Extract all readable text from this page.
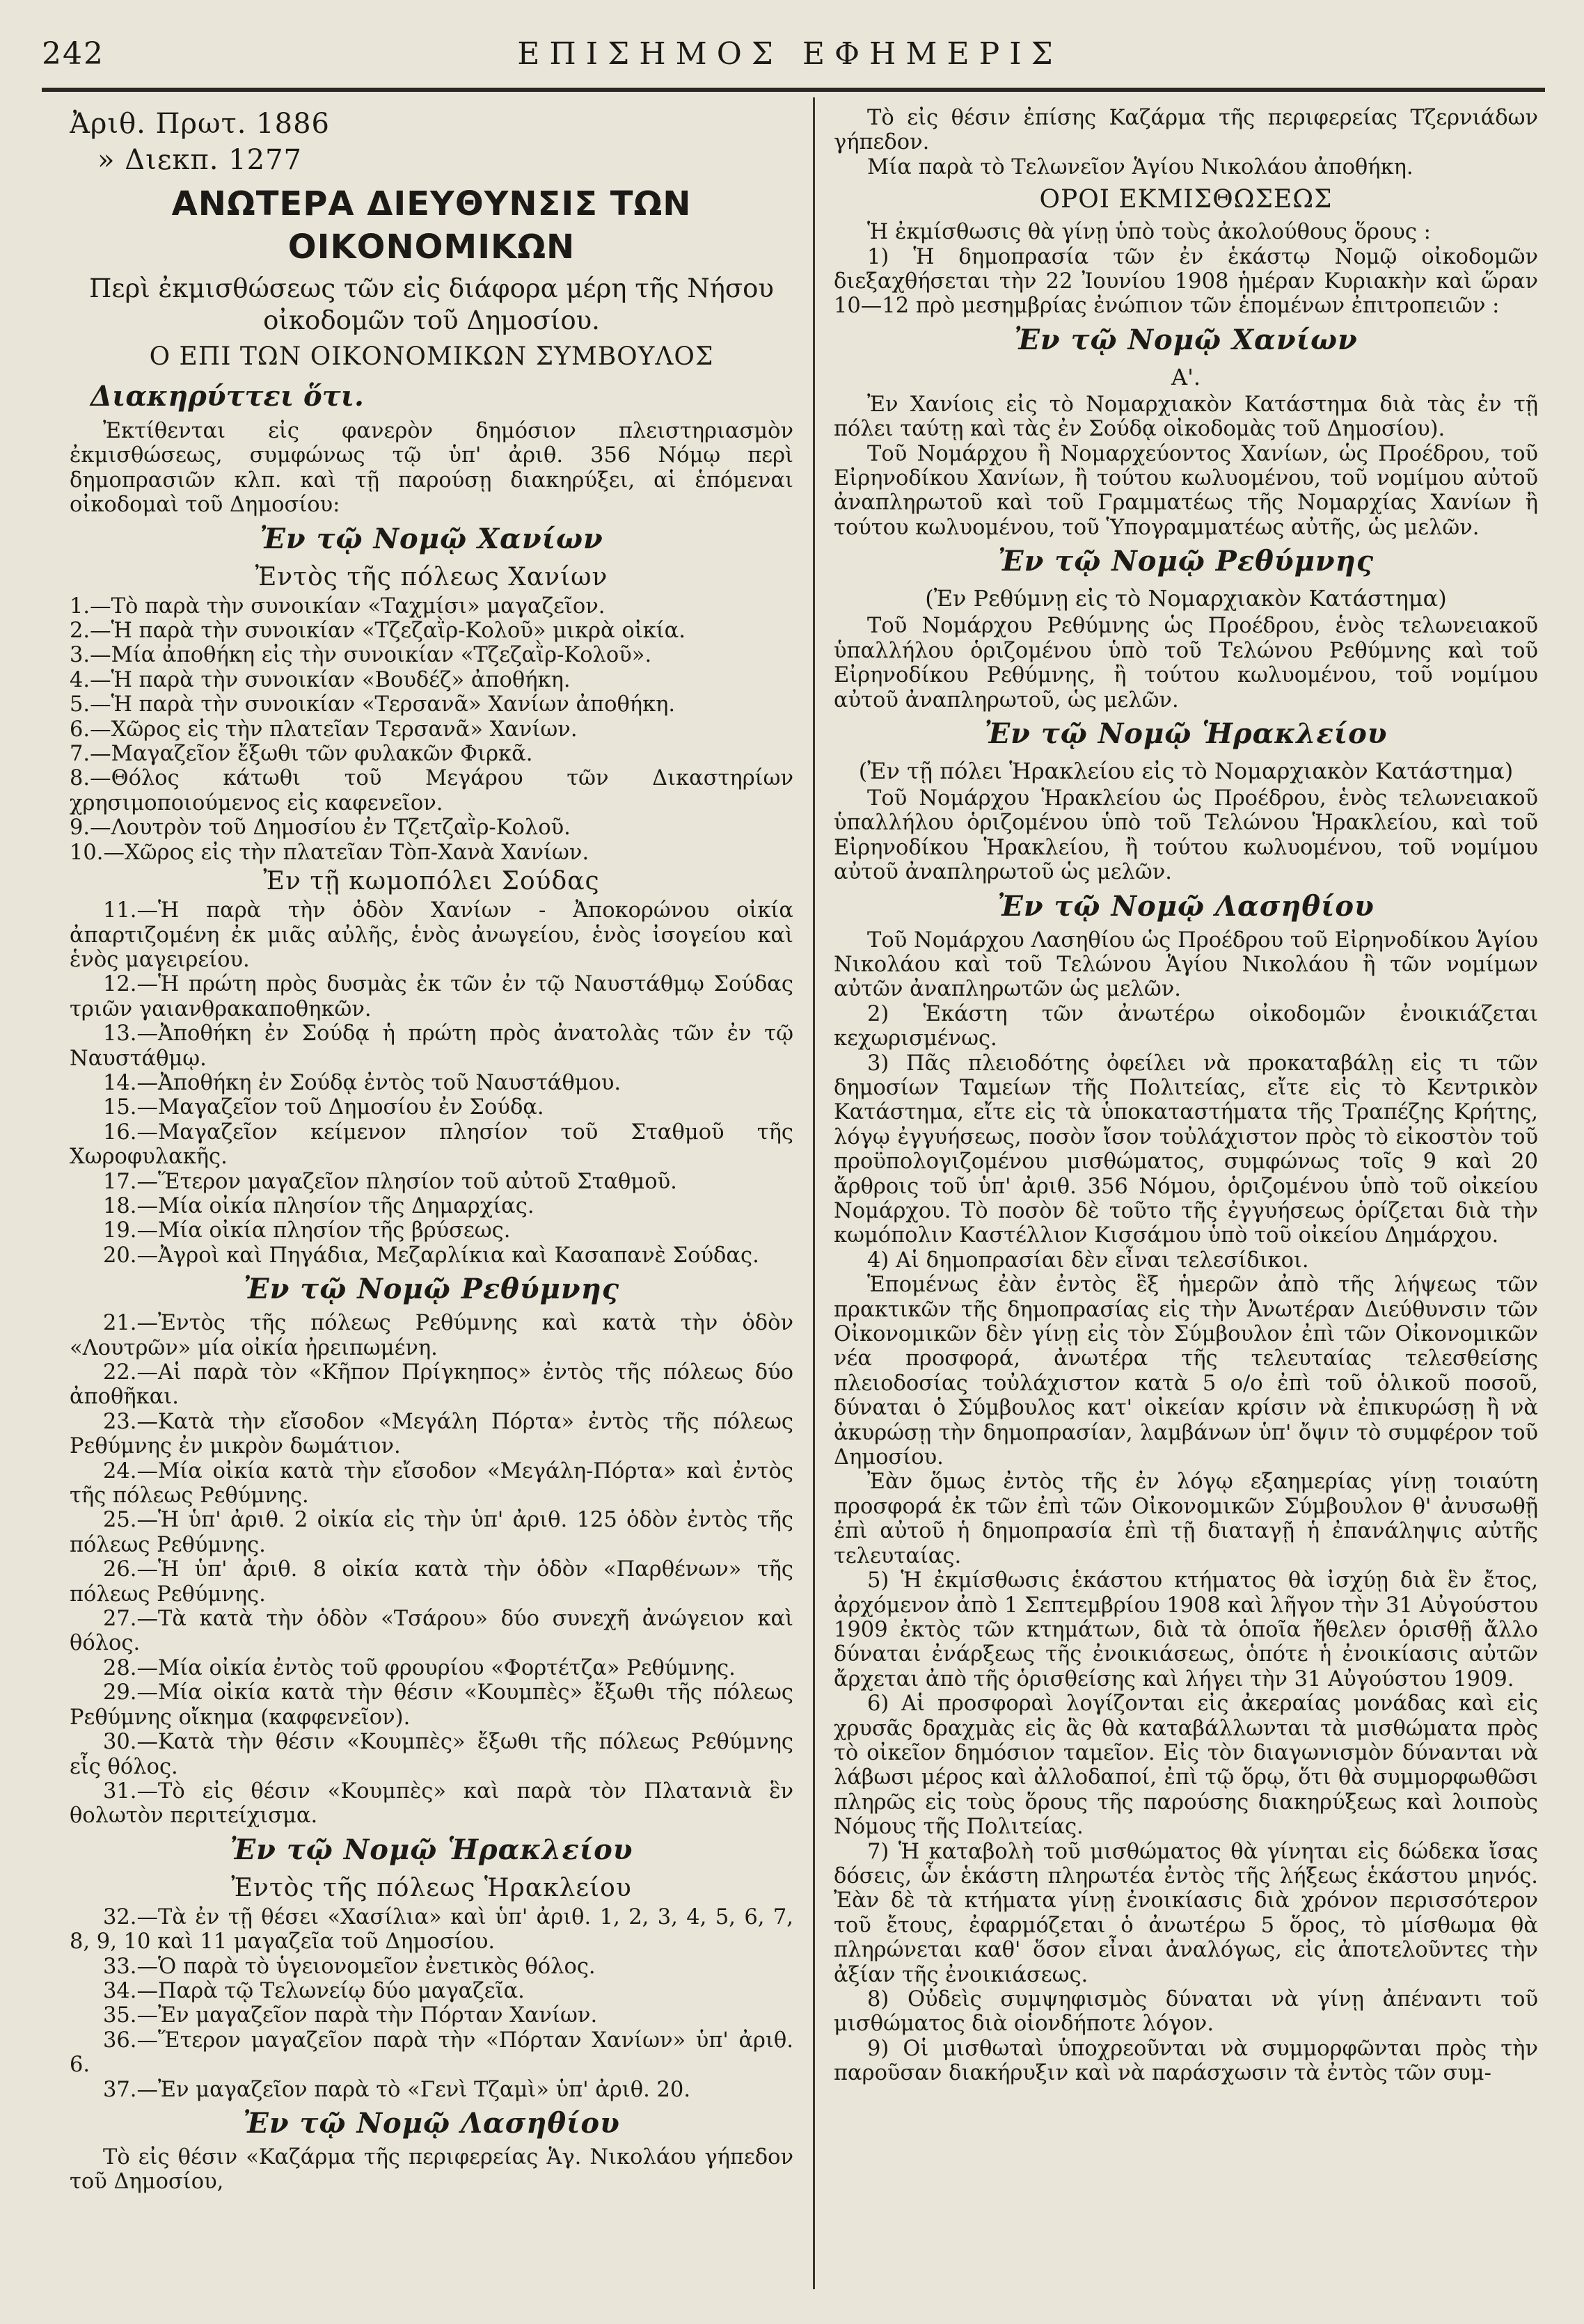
242	ΕΠΙΣΗΜΟΣ ΕΦΗΜΕΡΙΣ

Ἀριθ. Πρωτ. 1886

» Διεκπ. 1277

ΑΝΩΤΕΡΑ ΔΙΕΥΘΥΝΣΙΣ ΤΩΝ ΟΙΚΟΝΟΜΙΚΩΝ

Περὶ ἐκμισθώσεως τῶν εἰς διάφορα μέρη τῆς Νήσου οἰκοδομῶν τοῦ Δημοσίου.

Ο ΕΠΙ ΤΩΝ ΟΙΚΟΝΟΜΙΚΩΝ ΣΥΜΒΟΥΛΟΣ

Διακηρύττει ὅτι.

Ἐκτίθενται εἰς φανερὸν δημόσιον πλειστηριασμὸν ἐκμισθώσεως, συμφώνως τῷ ὑπ' ἀριθ. 356 Νόμῳ περὶ δημοπρασιῶν κλπ. καὶ τῇ παρούσῃ διακηρύξει, αἱ ἑπόμεναι οἰκοδομαὶ τοῦ Δημοσίου:

Ἐν τῷ Νομῷ Χανίων

Ἐντὸς τῆς πόλεως Χανίων

1.—Τὸ παρὰ τὴν συνοικίαν «Ταχμίσι» μαγαζεῖον.

2.—Ἡ παρὰ τὴν συνοικίαν «Τζεζαῒρ-Κολοῦ» μικρὰ οἰκία.

3.—Μία ἀποθήκη εἰς τὴν συνοικίαν «Τζεζαῒρ-Κολοῦ».

4.—Ἡ παρὰ τὴν συνοικίαν «Βουδέζ» ἀποθήκη.

5.—Ἡ παρὰ τὴν συνοικίαν «Τερσανᾶ» Χανίων ἀποθήκη.

6.—Χῶρος εἰς τὴν πλατεῖαν Τερσανᾶ» Χανίων.

7.—Μαγαζεῖον ἔξωθι τῶν φυλακῶν Φιρκᾶ.

8.—Θόλος κάτωθι τοῦ Μεγάρου τῶν Δικαστηρίων χρησιμοποιούμενος εἰς καφενεῖον.

9.—Λουτρὸν τοῦ Δημοσίου ἐν Τζετζαῒρ-Κολοῦ.

10.—Χῶρος εἰς τὴν πλατεῖαν Τὸπ-Χανὰ Χανίων.

Ἐν τῇ κωμοπόλει Σούδας

11.—Ἡ παρὰ τὴν ὁδὸν Χανίων - Ἀποκορώνου οἰκία ἀπαρτιζομένη ἐκ μιᾶς αὐλῆς, ἑνὸς ἀνωγείου, ἑνὸς ἰσογείου καὶ ἑνὸς μαγειρείου.

12.—Ἡ πρώτη πρὸς δυσμὰς ἐκ τῶν ἐν τῷ Ναυστάθμῳ Σούδας τριῶν γαιανθρακαποθηκῶν.

13.—Ἀποθήκη ἐν Σούδᾳ ἡ πρώτη πρὸς ἀνατολὰς τῶν ἐν τῷ Ναυστάθμῳ.

14.—Ἀποθήκη ἐν Σούδᾳ ἐντὸς τοῦ Ναυστάθμου.

15.—Μαγαζεῖον τοῦ Δημοσίου ἐν Σούδᾳ.

16.—Μαγαζεῖον κείμενον πλησίον τοῦ Σταθμοῦ τῆς Χωροφυλακῆς.

17.—Ἕτερον μαγαζεῖον πλησίον τοῦ αὐτοῦ Σταθμοῦ.

18.—Μία οἰκία πλησίον τῆς Δημαρχίας.

19.—Μία οἰκία πλησίον τῆς βρύσεως.

20.—Ἀγροὶ καὶ Πηγάδια, Μεζαρλίκια καὶ Κασαπανὲ Σούδας.

Ἐν τῷ Νομῷ Ρεθύμνης

21.—Ἐντὸς τῆς πόλεως Ρεθύμνης καὶ κατὰ τὴν ὁδὸν «Λουτρῶν» μία οἰκία ἠρειπωμένη.

22.—Αἱ παρὰ τὸν «Κῆπον Πρίγκηπος» ἐντὸς τῆς πόλεως δύο ἀποθῆκαι.

23.—Κατὰ τὴν εἴσοδον «Μεγάλη Πόρτα» ἐντὸς τῆς πόλεως Ρεθύμνης ἐν μικρὸν δωμάτιον.

24.—Μία οἰκία κατὰ τὴν εἴσοδον «Μεγάλη-Πόρτα» καὶ ἐντὸς τῆς πόλεως Ρεθύμνης.

25.—Ἡ ὑπ' ἀριθ. 2 οἰκία εἰς τὴν ὑπ' ἀριθ. 125 ὁδὸν ἐντὸς τῆς πόλεως Ρεθύμνης.

26.—Ἡ ὑπ' ἀριθ. 8 οἰκία κατὰ τὴν ὁδὸν «Παρθένων» τῆς πόλεως Ρεθύμνης.

27.—Τὰ κατὰ τὴν ὁδὸν «Τσάρου» δύο συνεχῆ ἀνώγειον καὶ θόλος.

28.—Μία οἰκία ἐντὸς τοῦ φρουρίου «Φορτέτζα» Ρεθύμνης.

29.—Μία οἰκία κατὰ τὴν θέσιν «Κουμπὲς» ἔξωθι τῆς πόλεως Ρεθύμνης οἴκημα (καφφενεῖον).

30.—Κατὰ τὴν θέσιν «Κουμπὲς» ἔξωθι τῆς πόλεως Ρεθύμνης εἷς θόλος.

31.—Τὸ εἰς θέσιν «Κουμπὲς» καὶ παρὰ τὸν Πλατανιὰ ἓν θολωτὸν περιτείχισμα.

Ἐν τῷ Νομῷ Ἡρακλείου

Ἐντὸς τῆς πόλεως Ἡρακλείου

32.—Τὰ ἐν τῇ θέσει «Χασίλια» καὶ ὑπ' ἀριθ. 1, 2, 3, 4, 5, 6, 7, 8, 9, 10 καὶ 11 μαγαζεῖα τοῦ Δημοσίου.

33.—Ὁ παρὰ τὸ ὑγειονομεῖον ἐνετικὸς θόλος.

34.—Παρὰ τῷ Τελωνείῳ δύο μαγαζεῖα.

35.—Ἐν μαγαζεῖον παρὰ τὴν Πόρταν Χανίων.

36.—Ἕτερον μαγαζεῖον παρὰ τὴν «Πόρταν Χανίων» ὑπ' ἀριθ. 6.

37.—Ἐν μαγαζεῖον παρὰ τὸ «Γενὶ Τζαμὶ» ὑπ' ἀριθ. 20.

Ἐν τῷ Νομῷ Λασηθίου

Τὸ εἰς θέσιν «Καζάρμα τῆς περιφερείας Ἁγ. Νικολάου γήπεδον τοῦ Δημοσίου,

Τὸ εἰς θέσιν ἐπίσης Καζάρμα τῆς περιφερείας Τζερνιάδων γήπεδον.

Μία παρὰ τὸ Τελωνεῖον Ἁγίου Νικολάου ἀποθήκη.

ΟΡΟΙ ΕΚΜΙΣΘΩΣΕΩΣ

Ἡ ἐκμίσθωσις θὰ γίνῃ ὑπὸ τοὺς ἀκολούθους ὅρους :

1) Ἡ δημοπρασία τῶν ἐν ἑκάστῳ Νομῷ οἰκοδομῶν διεξαχθήσεται τὴν 22 Ἰουνίου 1908 ἡμέραν Κυριακὴν καὶ ὥραν 10—12 πρὸ μεσημβρίας ἐνώπιον τῶν ἑπομένων ἐπιτροπειῶν :

Ἐν τῷ Νομῷ Χανίων

Α'.

Ἐν Χανίοις εἰς τὸ Νομαρχιακὸν Κατάστημα διὰ τὰς ἐν τῇ πόλει ταύτῃ καὶ τὰς ἐν Σούδᾳ οἰκοδομὰς τοῦ Δημοσίου).

Τοῦ Νομάρχου ἢ Νομαρχεύοντος Χανίων, ὡς Προέδρου, τοῦ Εἰρηνοδίκου Χανίων, ἢ τούτου κωλυομένου, τοῦ νομίμου αὐτοῦ ἀναπληρωτοῦ καὶ τοῦ Γραμματέως τῆς Νομαρχίας Χανίων ἢ τούτου κωλυομένου, τοῦ Ὑπογραμματέως αὐτῆς, ὡς μελῶν.

Ἐν τῷ Νομῷ Ρεθύμνης

(Ἐν Ρεθύμνῃ εἰς τὸ Νομαρχιακὸν Κατάστημα)

Τοῦ Νομάρχου Ρεθύμνης ὡς Προέδρου, ἑνὸς τελωνειακοῦ ὑπαλλήλου ὁριζομένου ὑπὸ τοῦ Τελώνου Ρεθύμνης καὶ τοῦ Εἰρηνοδίκου Ρεθύμνης, ἢ τούτου κωλυομένου, τοῦ νομίμου αὐτοῦ ἀναπληρωτοῦ, ὡς μελῶν.

Ἐν τῷ Νομῷ Ἡρακλείου

(Ἐν τῇ πόλει Ἡρακλείου εἰς τὸ Νομαρχιακὸν Κατάστημα)

Τοῦ Νομάρχου Ἡρακλείου ὡς Προέδρου, ἑνὸς τελωνειακοῦ ὑπαλλήλου ὁριζομένου ὑπὸ τοῦ Τελώνου Ἡρακλείου, καὶ τοῦ Εἰρηνοδίκου Ἡρακλείου, ἢ τούτου κωλυομένου, τοῦ νομίμου αὐτοῦ ἀναπληρωτοῦ ὡς μελῶν.

Ἐν τῷ Νομῷ Λασηθίου

Τοῦ Νομάρχου Λασηθίου ὡς Προέδρου τοῦ Εἰρηνοδίκου Ἁγίου Νικολάου καὶ τοῦ Τελώνου Ἁγίου Νικολάου ἢ τῶν νομίμων αὐτῶν ἀναπληρωτῶν ὡς μελῶν.

2) Ἑκάστη τῶν ἀνωτέρω οἰκοδομῶν ἐνοικιάζεται κεχωρισμένως.

3) Πᾶς πλειοδότης ὀφείλει νὰ προκαταβάλῃ εἰς τι τῶν δημοσίων Ταμείων τῆς Πολιτείας, εἴτε εἰς τὸ Κεντρικὸν Κατάστημα, εἴτε εἰς τὰ ὑποκαταστήματα τῆς Τραπέζης Κρήτης, λόγῳ ἐγγυήσεως, ποσὸν ἴσον τοὐλάχιστον πρὸς τὸ εἰκοστὸν τοῦ προϋπολογιζομένου μισθώματος, συμφώνως τοῖς 9 καὶ 20 ἄρθροις τοῦ ὑπ' ἀριθ. 356 Νόμου, ὁριζομένου ὑπὸ τοῦ οἰκείου Νομάρχου. Τὸ ποσὸν δὲ τοῦτο τῆς ἐγγυήσεως ὁρίζεται διὰ τὴν κωμόπολιν Καστέλλιον Κισσάμου ὑπὸ τοῦ οἰκείου Δημάρχου.

4) Αἱ δημοπρασίαι δὲν εἶναι τελεσίδικοι.

Ἑπομένως ἐὰν ἐντὸς ἓξ ἡμερῶν ἀπὸ τῆς λήψεως τῶν πρακτικῶν τῆς δημοπρασίας εἰς τὴν Ἀνωτέραν Διεύθυνσιν τῶν Οἰκονομικῶν δὲν γίνῃ εἰς τὸν Σύμβουλον ἐπὶ τῶν Οἰκονομικῶν νέα προσφορά, ἀνωτέρα τῆς τελευταίας τελεσθείσης πλειοδοσίας τοὐλάχιστον κατὰ 5 ο/ο ἐπὶ τοῦ ὁλικοῦ ποσοῦ, δύναται ὁ Σύμβουλος κατ' οἰκείαν κρίσιν νὰ ἐπικυρώσῃ ἢ νὰ ἀκυρώσῃ τὴν δημοπρασίαν, λαμβάνων ὑπ' ὄψιν τὸ συμφέρον τοῦ Δημοσίου.

Ἐὰν ὅμως ἐντὸς τῆς ἐν λόγῳ εξαημερίας γίνῃ τοιαύτη προσφορά ἐκ τῶν ἐπὶ τῶν Οἰκονομικῶν Σύμβουλον θ' ἀνυσωθῇ ἐπὶ αὐτοῦ ἡ δημοπρασία ἐπὶ τῇ διαταγῇ ἡ ἐπανάληψις αὐτῆς τελευταίας.

5) Ἡ ἐκμίσθωσις ἑκάστου κτήματος θὰ ἰσχύῃ διὰ ἓν ἔτος, ἀρχόμενον ἀπὸ 1 Σεπτεμβρίου 1908 καὶ λῆγον τὴν 31 Αὐγούστου 1909 ἐκτὸς τῶν κτημάτων, διὰ τὰ ὁποῖα ἤθελεν ὁρισθῇ ἄλλο δύναται ἐνάρξεως τῆς ἐνοικιάσεως, ὁπότε ἡ ἐνοικίασις αὐτῶν ἄρχεται ἀπὸ τῆς ὁρισθείσης καὶ λήγει τὴν 31 Αὐγούστου 1909.

6) Αἱ προσφοραὶ λογίζονται εἰς ἀκεραίας μονάδας καὶ εἰς χρυσᾶς δραχμὰς εἰς ἃς θὰ καταβάλλωνται τὰ μισθώματα πρὸς τὸ οἰκεῖον δημόσιον ταμεῖον. Εἰς τὸν διαγωνισμὸν δύνανται νὰ λάβωσι μέρος καὶ ἀλλοδαποί, ἐπὶ τῷ ὅρῳ, ὅτι θὰ συμμορφωθῶσι πληρῶς εἰς τοὺς ὅρους τῆς παρούσης διακηρύξεως καὶ λοιποὺς Νόμους τῆς Πολιτείας.

7) Ἡ καταβολὴ τοῦ μισθώματος θὰ γίνηται εἰς δώδεκα ἴσας δόσεις, ὧν ἑκάστη πληρωτέα ἐντὸς τῆς λήξεως ἑκάστου μηνός. Ἐὰν δὲ τὰ κτήματα γίνῃ ἐνοικίασις διὰ χρόνον περισσότερον τοῦ ἔτους, ἐφαρμόζεται ὁ ἀνωτέρω 5 ὅρος, τὸ μίσθωμα θὰ πληρώνεται καθ' ὅσον εἶναι ἀναλόγως, εἰς ἀποτελοῦντες τὴν ἀξίαν τῆς ἐνοικιάσεως.

8) Οὐδεὶς συμψηφισμὸς δύναται νὰ γίνῃ ἀπέναντι τοῦ μισθώματος διὰ οἱονδήποτε λόγον.

9) Οἱ μισθωταὶ ὑποχρεοῦνται νὰ συμμορφῶνται πρὸς τὴν παροῦσαν διακήρυξιν καὶ νὰ παράσχωσιν τὰ ἐντὸς τῶν συμ-
